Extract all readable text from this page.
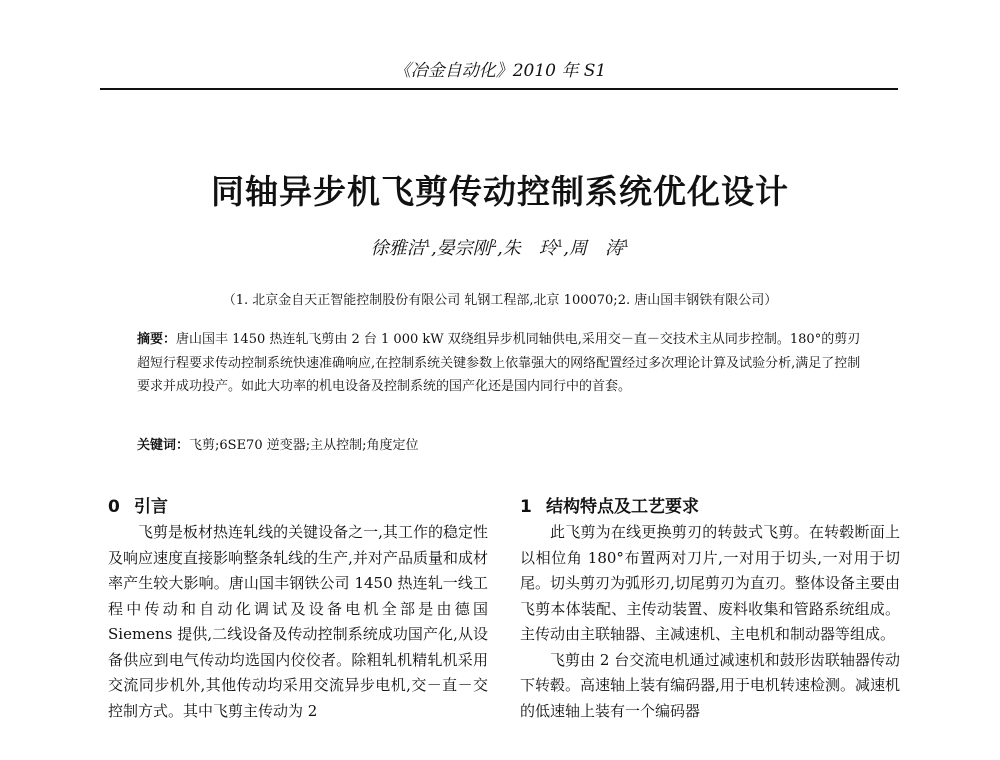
《冶金自动化》2010 年 S1
同轴异步机飞剪传动控制系统优化设计
徐雅洁$^1$,晏宗刚$^2$,朱　玲$^1$,周　涛$^1$
（1. 北京金自天正智能控制股份有限公司 轧钢工程部,北京 100070;2. 唐山国丰钢铁有限公司）

摘要：唐山国丰 1450 热连轧飞剪由 2 台 1 000 kW 双绕组异步机同轴供电,采用交－直－交技术主从同步控制。180°的剪刃超短行程要求传动控制系统快速准确响应,在控制系统关键参数上依靠强大的网络配置经过多次理论计算及试验分析,满足了控制要求并成功投产。如此大功率的机电设备及控制系统的国产化还是国内同行中的首套。

关键词：飞剪;6SE70 逆变器;主从控制;角度定位

0 引言

飞剪是板材热连轧线的关键设备之一,其工作的稳定性及响应速度直接影响整条轧线的生产,并对产品质量和成材率产生较大影响。唐山国丰钢铁公司 1450 热连轧一线工程中传动和自动化调试及设备电机全部是由德国 Siemens 提供,二线设备及传动控制系统成功国产化,从设备供应到电气传动均选国内佼佼者。除粗轧机精轧机采用交流同步机外,其他传动均采用交流异步电机,交－直－交控制方式。其中飞剪主传动为 2

1 结构特点及工艺要求

此飞剪为在线更换剪刃的转鼓式飞剪。在转毂断面上以相位角 180°布置两对刀片,一对用于切头,一对用于切尾。切头剪刃为弧形刃,切尾剪刃为直刃。整体设备主要由飞剪本体装配、主传动装置、废料收集和管路系统组成。主传动由主联轴器、主减速机、主电机和制动器等组成。

飞剪由 2 台交流电机通过减速机和鼓形齿联轴器传动下转毂。高速轴上装有编码器,用于电机转速检测。减速机的低速轴上装有一个编码器
